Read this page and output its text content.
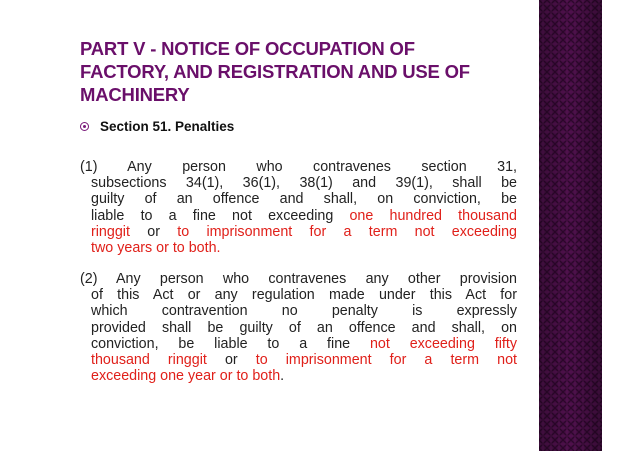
PART V - NOTICE OF OCCUPATION OF
FACTORY, AND REGISTRATION AND USE OF
MACHINERY
Section 51. Penalties
(1) Any person who contravenes section 31,
subsections 34(1), 36(1), 38(1) and 39(1), shall be
guilty of an offence and shall, on conviction, be
liable to a fine not exceeding one hundred thousand
ringgit or to imprisonment for a term not exceeding
two years or to both.
(2) Any person who contravenes any other provision
of this Act or any regulation made under this Act for
which contravention no penalty is expressly
provided shall be guilty of an offence and shall, on
conviction, be liable to a fine not exceeding fifty
thousand ringgit or to imprisonment for a term not
exceeding one year or to both.
